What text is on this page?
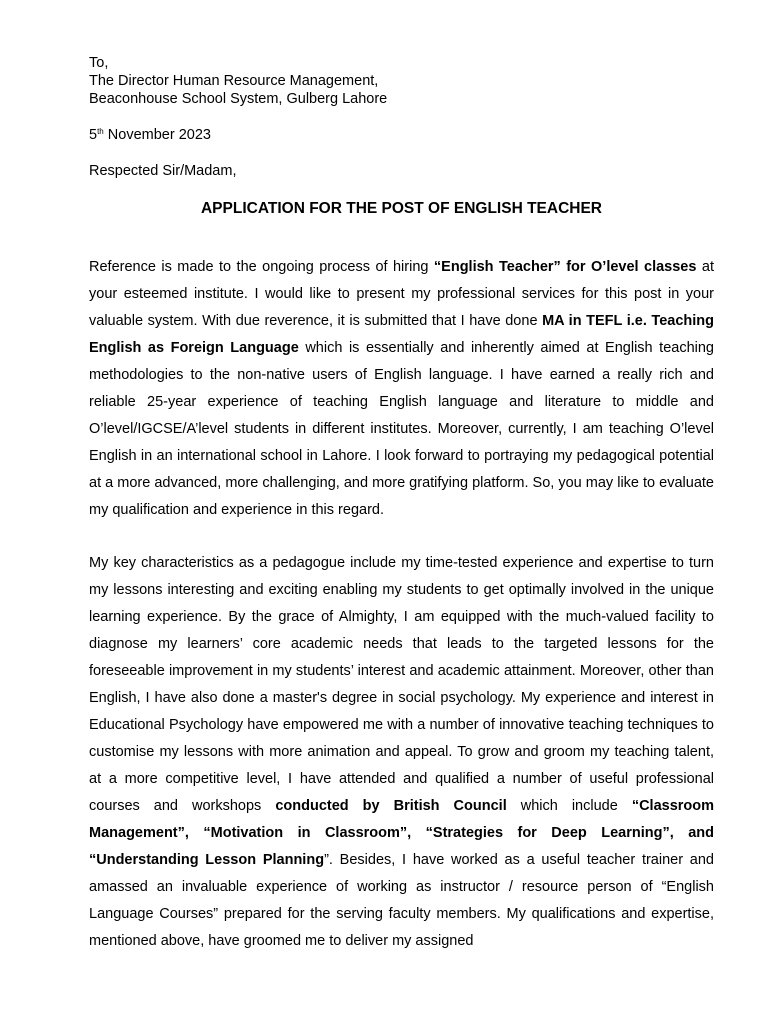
To,
The Director Human Resource Management,
Beaconhouse School System, Gulberg Lahore
5th November 2023
Respected Sir/Madam,
APPLICATION FOR THE POST OF ENGLISH TEACHER

Reference is made to the ongoing process of hiring “English Teacher” for O’level classes at your esteemed institute. I would like to present my professional services for this post in your valuable system. With due reverence, it is submitted that I have done MA in TEFL i.e. Teaching English as Foreign Language which is essentially and inherently aimed at English teaching methodologies to the non-native users of English language. I have earned a really rich and reliable 25-year experience of teaching English language and literature to middle and O’level/IGCSE/A’level students in different institutes. Moreover, currently, I am teaching O’level English in an international school in Lahore. I look forward to portraying my pedagogical potential at a more advanced, more challenging, and more gratifying platform. So, you may like to evaluate my qualification and experience in this regard.

My key characteristics as a pedagogue include my time-tested experience and expertise to turn my lessons interesting and exciting enabling my students to get optimally involved in the unique learning experience. By the grace of Almighty, I am equipped with the much-valued facility to diagnose my learners’ core academic needs that leads to the targeted lessons for the foreseeable improvement in my students’ interest and academic attainment. Moreover, other than English, I have also done a master's degree in social psychology. My experience and interest in Educational Psychology have empowered me with a number of innovative teaching techniques to customise my lessons with more animation and appeal. To grow and groom my teaching talent, at a more competitive level, I have attended and qualified a number of useful professional courses and workshops conducted by British Council which include “Classroom Management”, “Motivation in Classroom”, “Strategies for Deep Learning”, and “Understanding Lesson Planning”. Besides, I have worked as a useful teacher trainer and amassed an invaluable experience of working as instructor / resource person of “English Language Courses” prepared for the serving faculty members. My qualifications and expertise, mentioned above, have groomed me to deliver my assigned
